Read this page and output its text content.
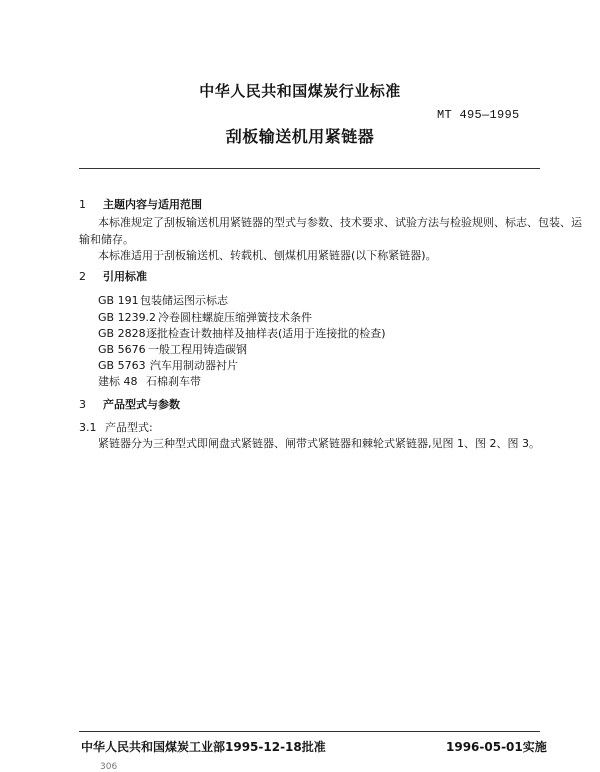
中华人民共和国煤炭行业标准
MT 495—1995
刮板输送机用紧链器
1 主题内容与适用范围
本标准规定了刮板输送机用紧链器的型式与参数、技术要求、试验方法与检验规则、标志、包装、运
输和储存。
本标准适用于刮板输送机、转载机、刨煤机用紧链器(以下称紧链器)。
2 引用标准
GB 191包装储运图示标志
GB 1239.2 冷卷圆柱螺旋压缩弹簧技术条件
GB 2828逐批检查计数抽样及抽样表(适用于连接批的检查)
GB 5676 一般工程用铸造碳钢
GB 5763 汽车用制动器衬片
建标 48 石棉刹车带
3 产品型式与参数
3.1 产品型式:
紧链器分为三种型式即闸盘式紧链器、闸带式紧链器和棘轮式紧链器,见图 1、图 2、图 3。
中华人民共和国煤炭工业部1995-12-18批准	1996-05-01实施
306
